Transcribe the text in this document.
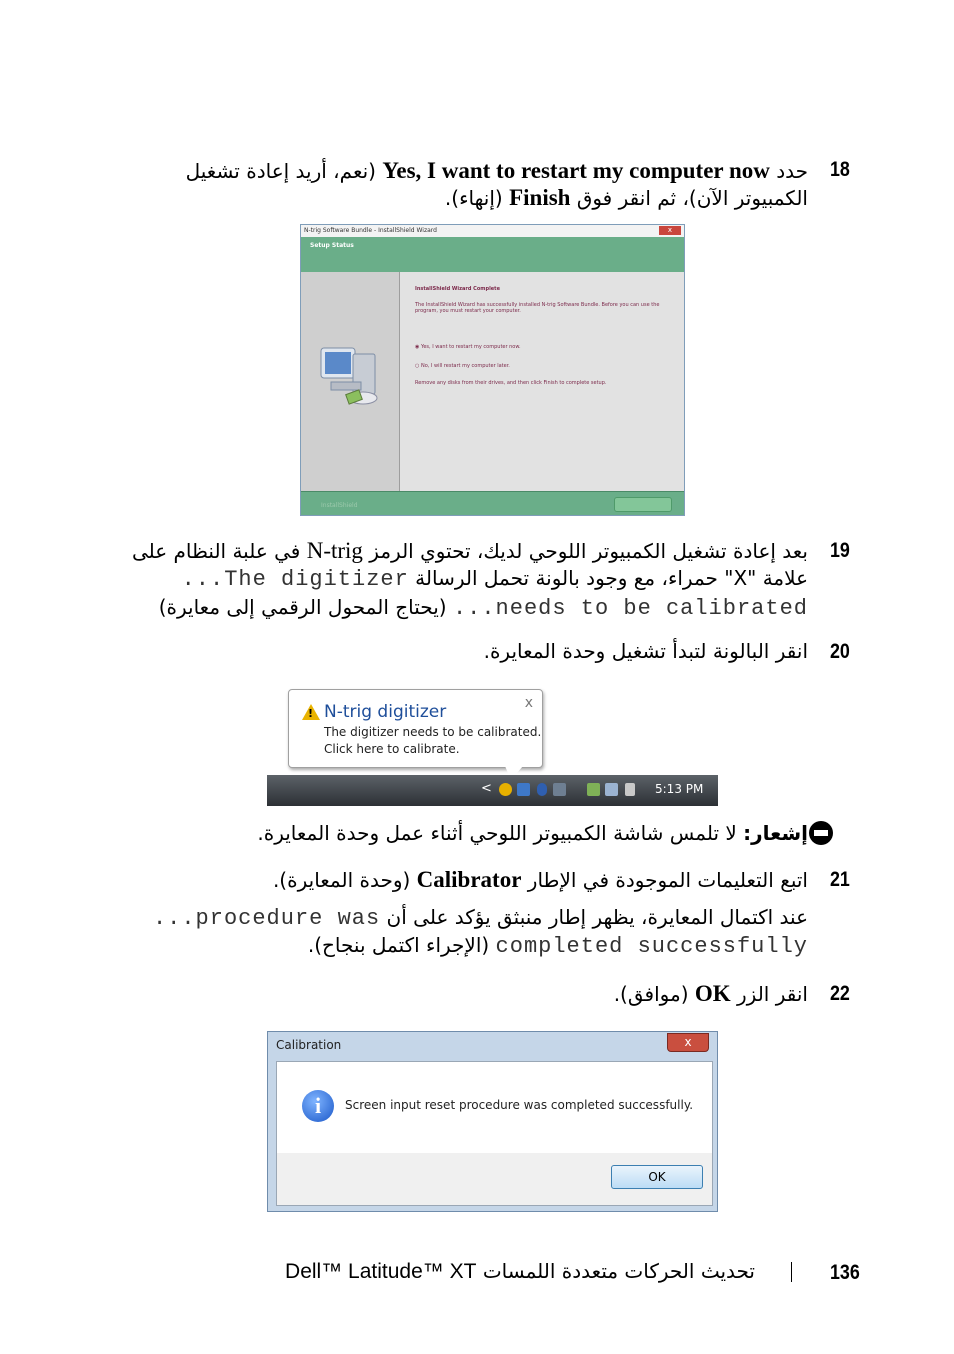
18
حدد Yes, I want to restart my computer now (نعم، أريد إعادة تشغيل
الكمبيوتر الآن)، ثم انقر فوق Finish (إنهاء).
N-trig Software Bundle - InstallShield Wizard	x
Setup Status
InstallShield Wizard Complete
The InstallShield Wizard has successfully installed N-trig Software Bundle. Before you can use the program, you must restart your computer.
◉ Yes, I want to restart my computer now.
○ No, I will restart my computer later.
Remove any disks from their drives, and then click Finish to complete setup.
InstallShield
19
بعد إعادة تشغيل الكمبيوتر اللوحي لديك، تحتوي الرمز N-trig في علبة النظام على
علامة "X" حمراء، مع وجود بالونة تحمل الرسالة The digitizer...
needs to be calibrated... (يحتاج المحول الرقمي إلى معايرة)
20
انقر البالونة لتبدأ تشغيل وحدة المعايرة.
! N-trig digitizer
The digitizer needs to be calibrated.
Click here to calibrate.
x
<	5:13 PM
إشعار: لا تلمس شاشة الكمبيوتر اللوحي أثناء عمل وحدة المعايرة.
21
اتبع التعليمات الموجودة في الإطار Calibrator (وحدة المعايرة).
عند اكتمال المعايرة، يظهر إطار منبثق يؤكد على أن procedure was...
completed successfully (الإجراء اكتمل بنجاح).
22
انقر الزر OK (موافق).
Calibration	x
i	Screen input reset procedure was completed successfully.
OK
136
تحديث الحركات متعددة اللمسات Dell™ Latitude™ XT
